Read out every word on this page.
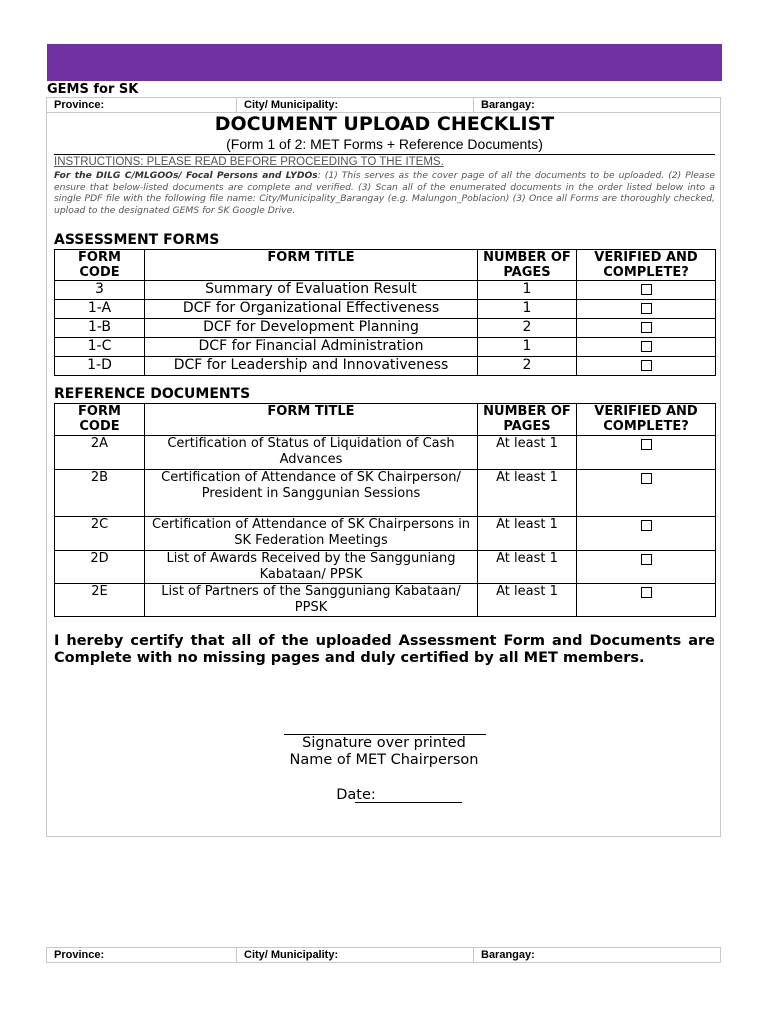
GEMS for SK
Province:	City/ Municipality:	Barangay:
DOCUMENT UPLOAD CHECKLIST
(Form 1 of 2: MET Forms + Reference Documents)
INSTRUCTIONS: PLEASE READ BEFORE PROCEEDING TO THE ITEMS.
For the DILG C/MLGOOs/ Focal Persons and LYDOs: (1) This serves as the cover page of all the documents to be uploaded. (2) Please ensure that below-listed documents are complete and verified. (3) Scan all of the enumerated documents in the order listed below into a single PDF file with the following file name: City/Municipality_Barangay (e.g. Malungon_Poblacion) (3) Once all Forms are thoroughly checked, upload to the designated GEMS for SK Google Drive.
ASSESSMENT FORMS
FORM CODE	FORM TITLE	NUMBER OF PAGES	VERIFIED AND COMPLETE?
3	Summary of Evaluation Result	1	
1-A	DCF for Organizational Effectiveness	1	
1-B	DCF for Development Planning	2	
1-C	DCF for Financial Administration	1	
1-D	DCF for Leadership and Innovativeness	2	
REFERENCE DOCUMENTS
FORM CODE	FORM TITLE	NUMBER OF PAGES	VERIFIED AND COMPLETE?
2A	Certification of Status of Liquidation of Cash Advances	At least 1	
2B	Certification of Attendance of SK Chairperson/ President in Sanggunian Sessions	At least 1	
2C	Certification of Attendance of SK Chairpersons in SK Federation Meetings	At least 1	
2D	List of Awards Received by the Sangguniang Kabataan/ PPSK	At least 1	
2E	List of Partners of the Sangguniang Kabataan/ PPSK	At least 1	
I hereby certify that all of the uploaded Assessment Form and Documents are Complete with no missing pages and duly certified by all MET members.
Signature over printed
Name of MET Chairperson
Date:
Province:	City/ Municipality:	Barangay:
